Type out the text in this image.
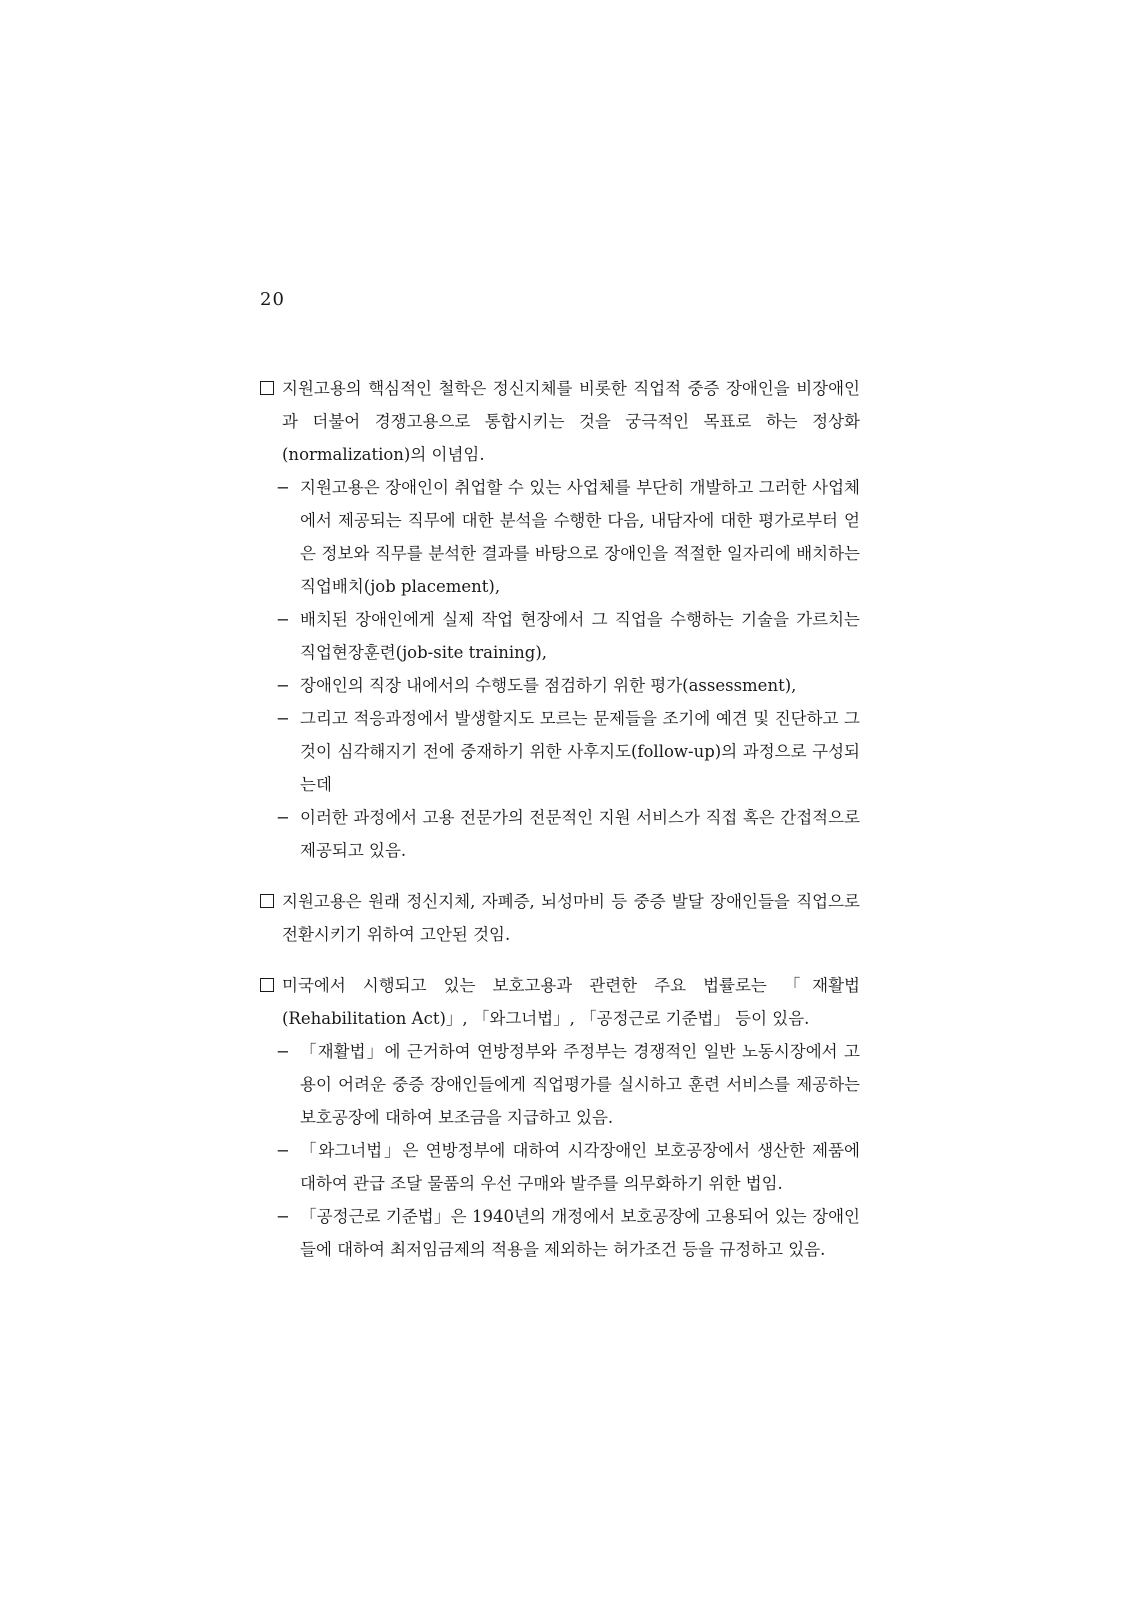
20
지원고용의 핵심적인 철학은 정신지체를 비롯한 직업적 중증 장애인을 비장애인과 더불어 경쟁고용으로 통합시키는 것을 궁극적인 목표로 하는 정상화(normalization)의 이념임.
− 지원고용은 장애인이 취업할 수 있는 사업체를 부단히 개발하고 그러한 사업체에서 제공되는 직무에 대한 분석을 수행한 다음, 내담자에 대한 평가로부터 얻은 정보와 직무를 분석한 결과를 바탕으로 장애인을 적절한 일자리에 배치하는 직업배치(job placement),
− 배치된 장애인에게 실제 작업 현장에서 그 직업을 수행하는 기술을 가르치는 직업현장훈련(job-site training),
− 장애인의 직장 내에서의 수행도를 점검하기 위한 평가(assessment),
− 그리고 적응과정에서 발생할지도 모르는 문제들을 조기에 예견 및 진단하고 그것이 심각해지기 전에 중재하기 위한 사후지도(follow-up)의 과정으로 구성되는데
− 이러한 과정에서 고용 전문가의 전문적인 지원 서비스가 직접 혹은 간접적으로 제공되고 있음.
지원고용은 원래 정신지체, 자폐증, 뇌성마비 등 중증 발달 장애인들을 직업으로 전환시키기 위하여 고안된 것임.
미국에서 시행되고 있는 보호고용과 관련한 주요 법률로는 「재활법(Rehabilitation Act)」, 「와그너법」, 「공정근로 기준법」 등이 있음.
− 「재활법」에 근거하여 연방정부와 주정부는 경쟁적인 일반 노동시장에서 고용이 어려운 중증 장애인들에게 직업평가를 실시하고 훈련 서비스를 제공하는 보호공장에 대하여 보조금을 지급하고 있음.
− 「와그너법」은 연방정부에 대하여 시각장애인 보호공장에서 생산한 제품에 대하여 관급 조달 물품의 우선 구매와 발주를 의무화하기 위한 법임.
− 「공정근로 기준법」은 1940년의 개정에서 보호공장에 고용되어 있는 장애인들에 대하여 최저임금제의 적용을 제외하는 허가조건 등을 규정하고 있음.
